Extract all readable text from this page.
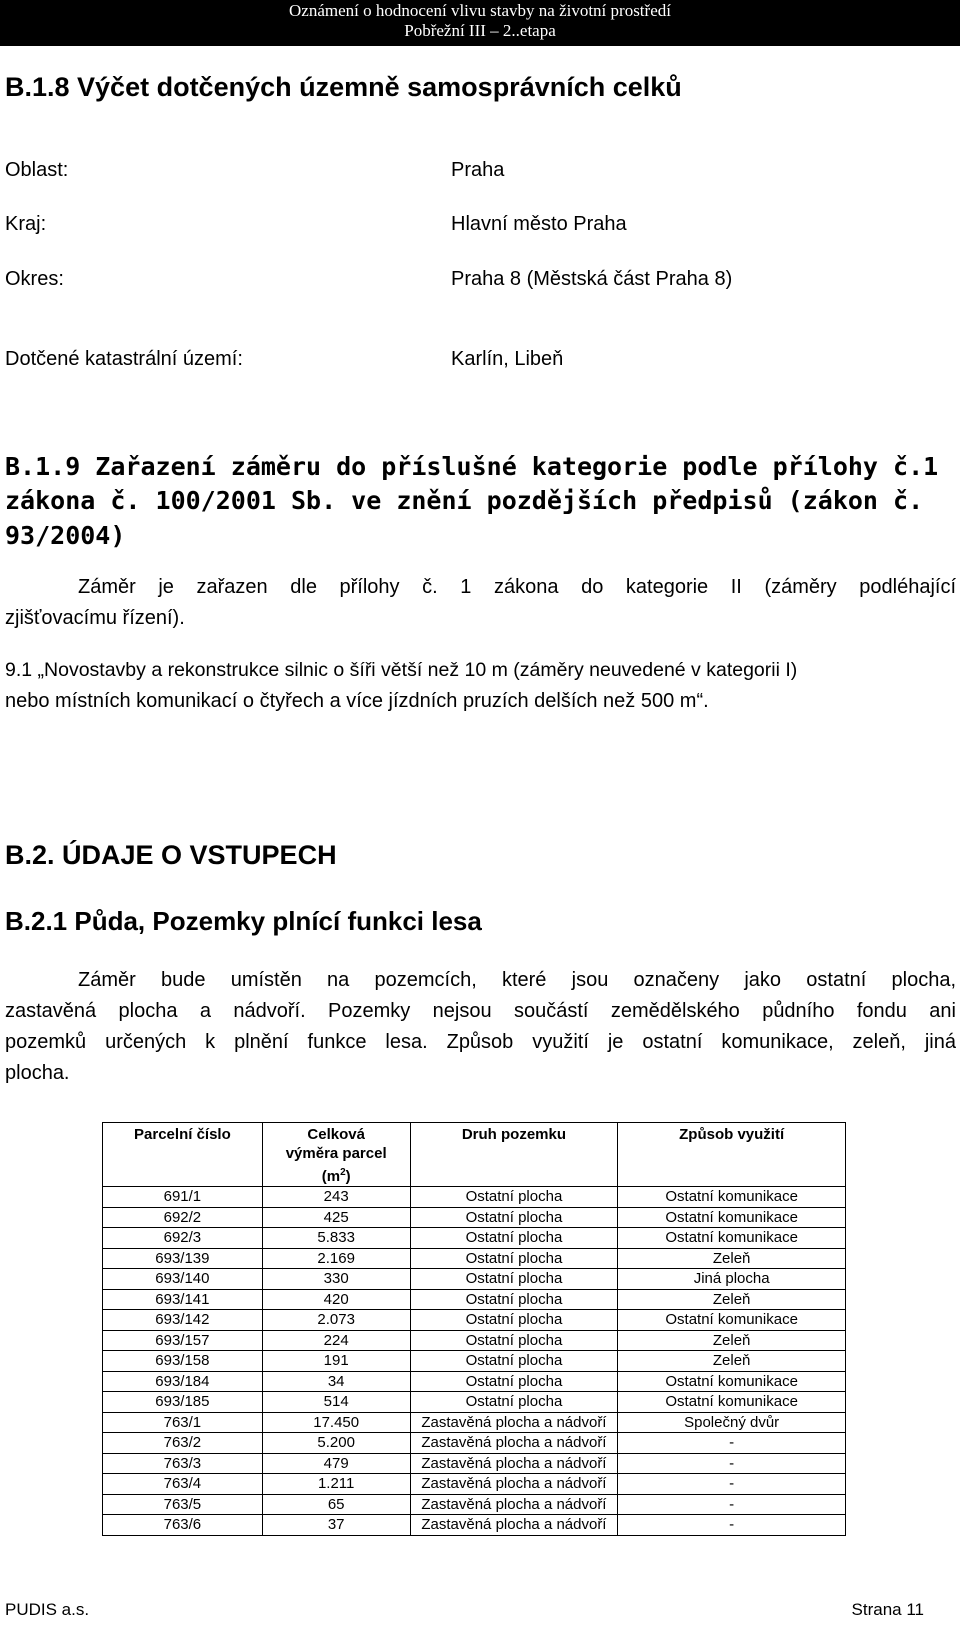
Oznámení o hodnocení vlivu stavby na životní prostředí
Pobřežní III – 2..etapa
B.1.8 Výčet dotčených územně samosprávních celků
Oblast:	Praha
Kraj:	Hlavní město Praha
Okres:	Praha 8 (Městská část Praha 8)
Dotčené katastrální území:	Karlín, Libeň
B.1.9 Zařazení záměru do příslušné kategorie podle přílohy č.1
zákona č. 100/2001 Sb. ve znění pozdějších předpisů (zákon č.
93/2004)
Záměr je zařazen dle přílohy č. 1 zákona do kategorie II (záměry podléhající
zjišťovacímu řízení).
9.1 „Novostavby a rekonstrukce silnic o šíři větší než 10 m (záměry neuvedené v kategorii I)
nebo místních komunikací o čtyřech a více jízdních pruzích delších než 500 m“.
B.2. ÚDAJE O VSTUPECH
B.2.1 Půda, Pozemky plnící funkci lesa
Záměr bude umístěn na pozemcích, které jsou označeny jako ostatní plocha,
zastavěná plocha a nádvoří. Pozemky nejsou součástí zemědělského půdního fondu ani
pozemků určených k plnění funkce lesa. Způsob využití je ostatní komunikace, zeleň, jiná
plocha.
Parcelní číslo	Celková
výměra parcel
$(m^2)$	Druh pozemku	Způsob využití
691/1	243	Ostatní plocha	Ostatní komunikace
692/2	425	Ostatní plocha	Ostatní komunikace
692/3	5.833	Ostatní plocha	Ostatní komunikace
693/139	2.169	Ostatní plocha	Zeleň
693/140	330	Ostatní plocha	Jiná plocha
693/141	420	Ostatní plocha	Zeleň
693/142	2.073	Ostatní plocha	Ostatní komunikace
693/157	224	Ostatní plocha	Zeleň
693/158	191	Ostatní plocha	Zeleň
693/184	34	Ostatní plocha	Ostatní komunikace
693/185	514	Ostatní plocha	Ostatní komunikace
763/1	17.450	Zastavěná plocha a nádvoří	Společný dvůr
763/2	5.200	Zastavěná plocha a nádvoří	-
763/3	479	Zastavěná plocha a nádvoří	-
763/4	1.211	Zastavěná plocha a nádvoří	-
763/5	65	Zastavěná plocha a nádvoří	-
763/6	37	Zastavěná plocha a nádvoří	-
PUDIS a.s.	Strana 11
